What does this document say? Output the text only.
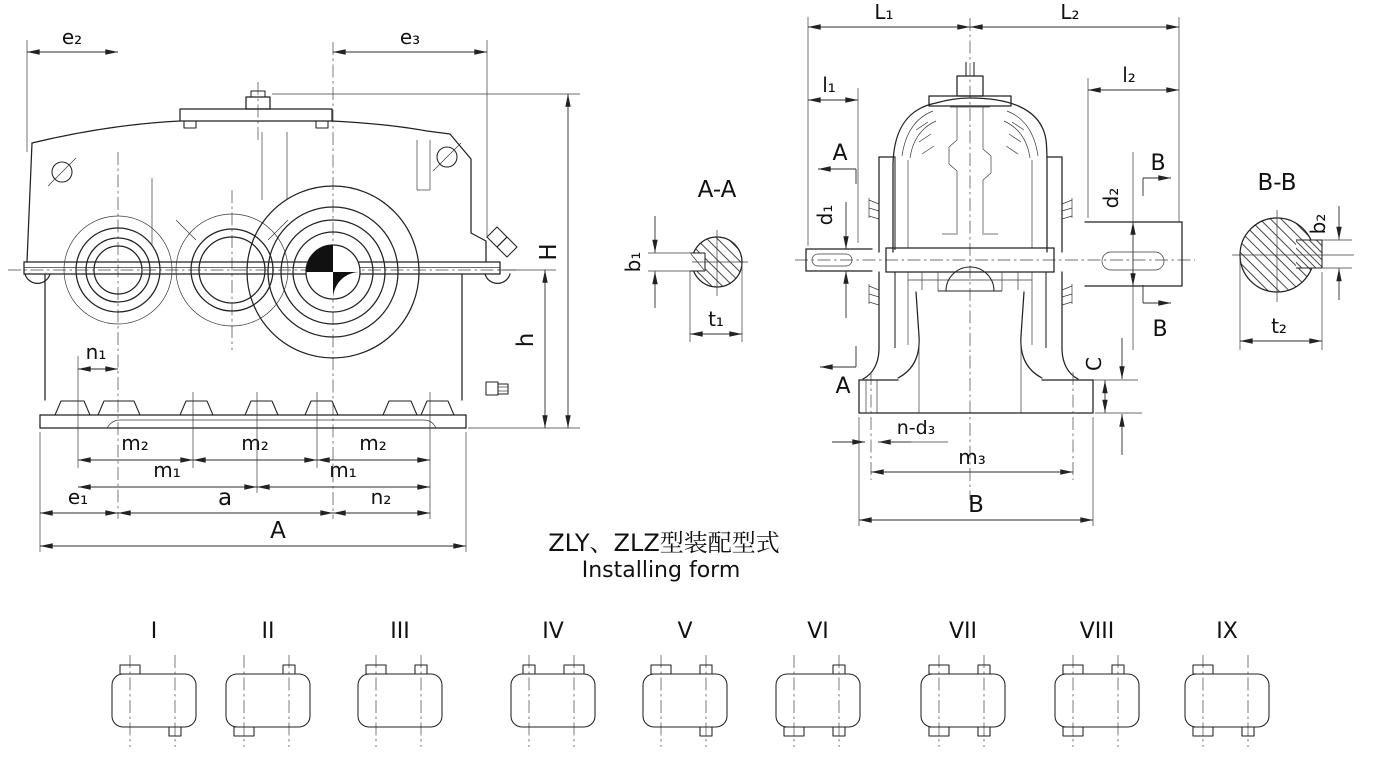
e₂	e₃
H
h
n₁
m₂	m₂	m₂
m₁	m₁
e₁	a	n₂
A
A-A
b₁
t₁
L₁	L₂
l₁	l₂
d₁
d₂
A
A
B
B
C
n-d₃
m₃
B
B-B
b₂
t₂
ZLY、ZLZ型装配型式
Installing form
I	II	III	IV	V	VI	VII	VIII	IX
